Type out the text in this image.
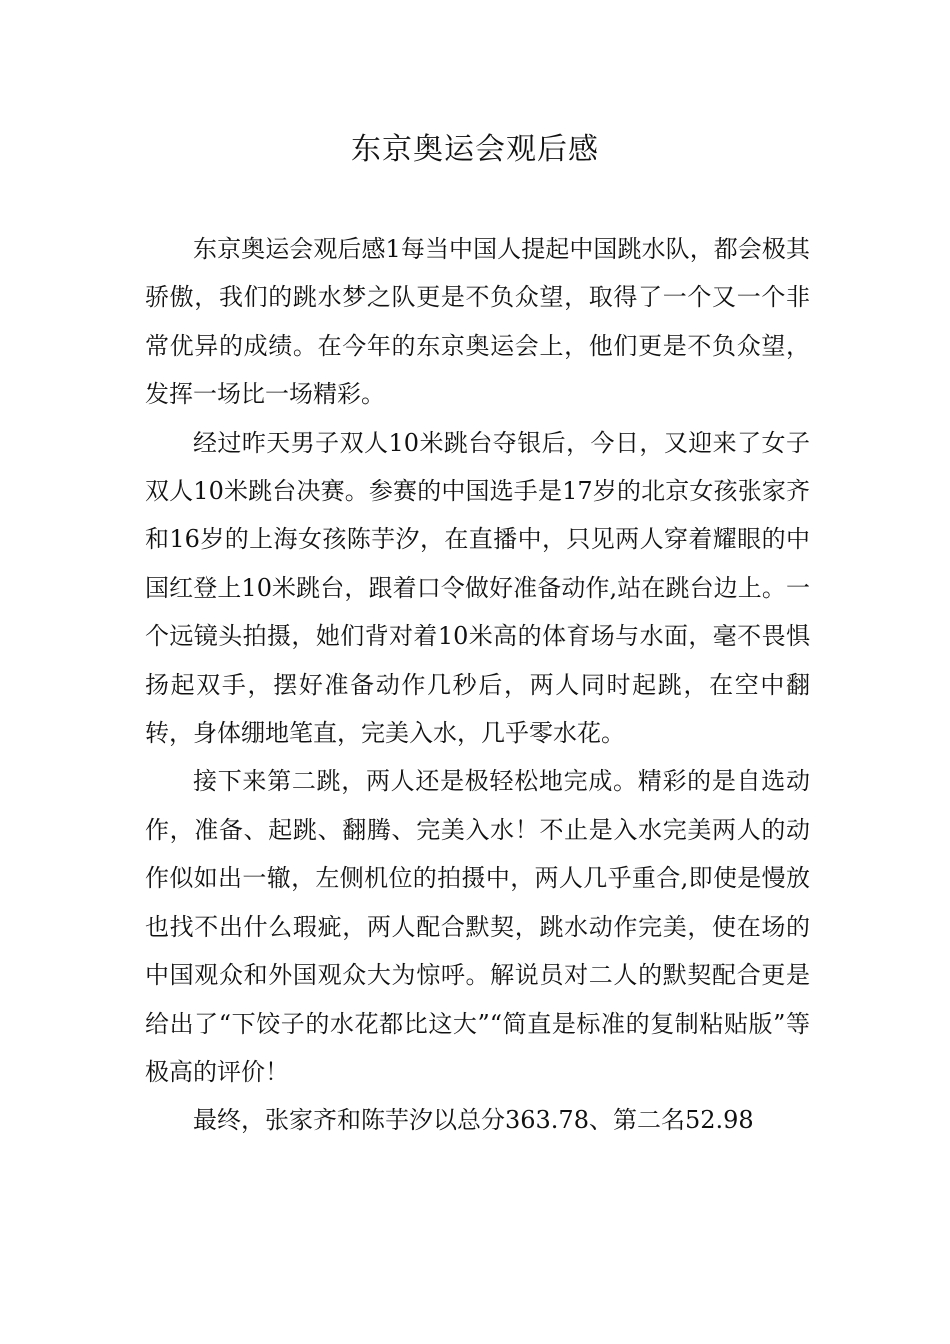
东京奥运会观后感

东京奥运会观后感1每当中国人提起中国跳水队，都会极其骄傲，我们的跳水梦之队更是不负众望，取得了一个又一个非常优异的成绩。在今年的东京奥运会上，他们更是不负众望，发挥一场比一场精彩。

经过昨天男子双人10米跳台夺银后，今日，又迎来了女子双人10米跳台决赛。参赛的中国选手是17岁的北京女孩张家齐和16岁的上海女孩陈芋汐，在直播中，只见两人穿着耀眼的中国红登上10米跳台，跟着口令做好准备动作,站在跳台边上。一个远镜头拍摄，她们背对着10米高的体育场与水面，毫不畏惧扬起双手，摆好准备动作几秒后，两人同时起跳，在空中翻转，身体绷地笔直，完美入水，几乎零水花。

接下来第二跳，两人还是极轻松地完成。精彩的是自选动作，准备、起跳、翻腾、完美入水！不止是入水完美两人的动作似如出一辙，左侧机位的拍摄中，两人几乎重合,即使是慢放也找不出什么瑕疵，两人配合默契，跳水动作完美，使在场的中国观众和外国观众大为惊呼。解说员对二人的默契配合更是给出了“下饺子的水花都比这大”“简直是标准的复制粘贴版”等极高的评价！

最终，张家齐和陈芋汐以总分363.78、第二名52.98
